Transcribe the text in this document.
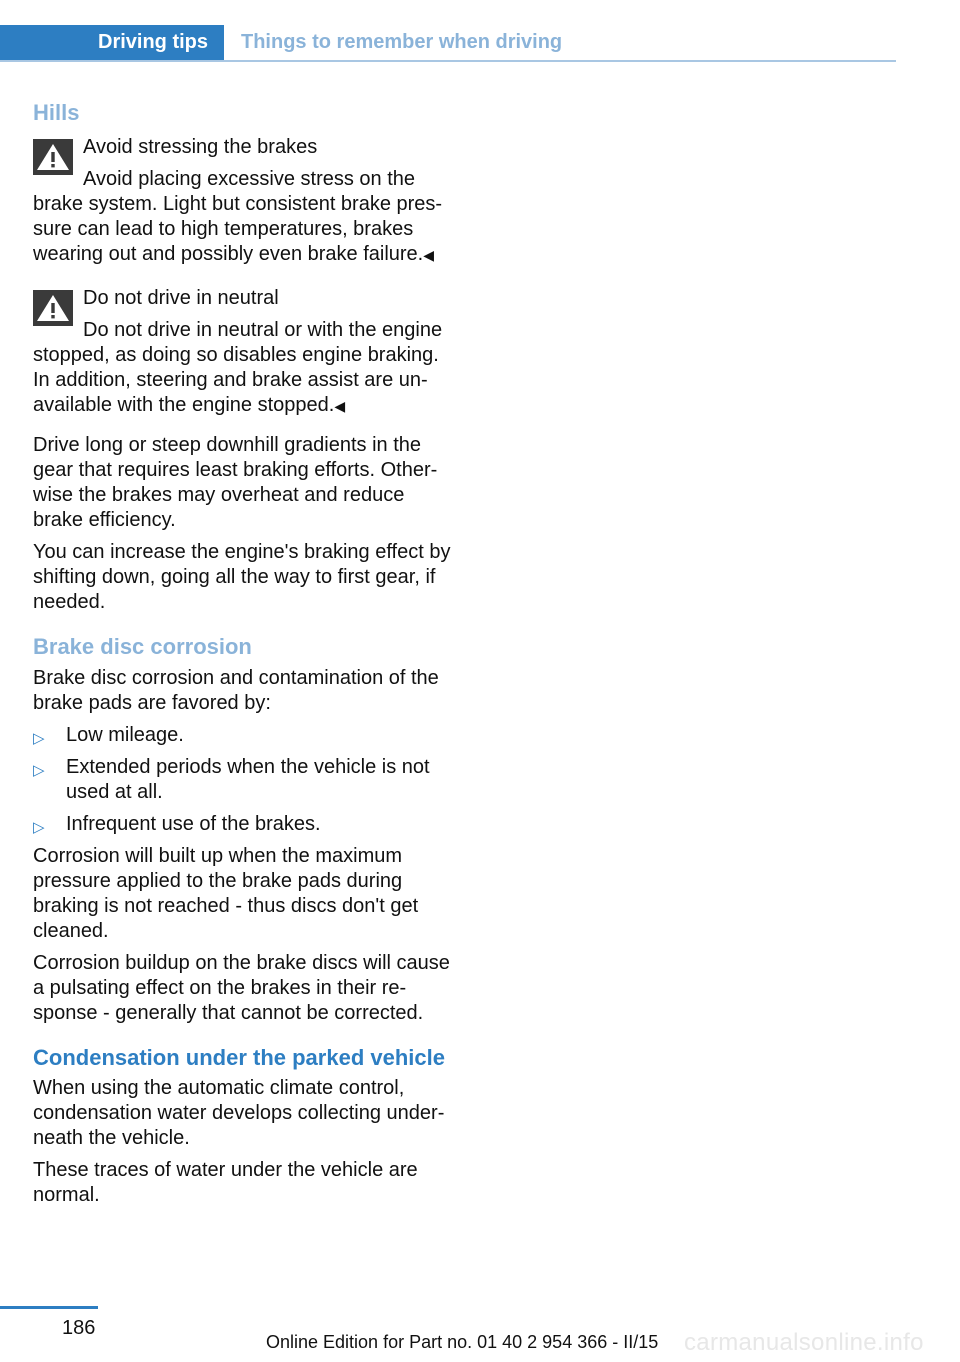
Driving tips	Things to remember when driving
Hills

Avoid stressing the brakes

Avoid placing excessive stress on the
brake system. Light but consistent brake pres‐ sure can lead to high temperatures, brakes wearing out and possibly even brake failure.◀

Do not drive in neutral

Do not drive in neutral or with the engine
stopped, as doing so disables engine braking. In addition, steering and brake assist are un‐ available with the engine stopped.◀

Drive long or steep downhill gradients in the gear that requires least braking efforts. Other‐ wise the brakes may overheat and reduce brake efficiency.

You can increase the engine's braking effect by shifting down, going all the way to first gear, if needed.

Brake disc corrosion

Brake disc corrosion and contamination of the brake pads are favored by:

▷ Low mileage.
▷ Extended periods when the vehicle is not used at all.
▷ Infrequent use of the brakes.

Corrosion will built up when the maximum pressure applied to the brake pads during braking is not reached - thus discs don't get cleaned.

Corrosion buildup on the brake discs will cause a pulsating effect on the brakes in their re‐ sponse - generally that cannot be corrected.

Condensation under the parked vehicle

When using the automatic climate control, condensation water develops collecting under‐ neath the vehicle.

These traces of water under the vehicle are normal.

186
Online Edition for Part no. 01 40 2 954 366 - II/15 carmanualsonline.info
